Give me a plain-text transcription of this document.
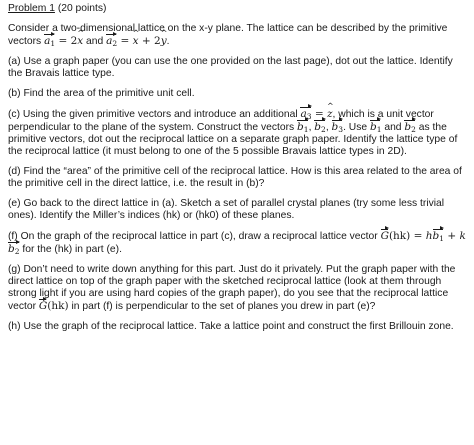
Problem 1 (20 points)
Consider a two-dimensional lattice on the x-y plane. The lattice can be described by the primitive vectors $a_1$ = 2^ x and $a_2$ = ^ x + 2^ y.
(a) Use a graph paper (you can use the one provided on the last page), dot out the lattice. Identify the Bravais lattice type.
(b) Find the area of the primitive unit cell.
(c) Using the given primitive vectors and introduce an additional $a_3$ = ^ z, which is a unit vector perpendicular to the plane of the system. Construct the vectors $b_1$, $b_2$, $b_3$. Use $b_1$ and $b_2$ as the primitive vectors, dot out the reciprocal lattice on a separate graph paper. Identify the lattice type of the reciprocal lattice (it must belong to one of the 5 possible Bravais lattice types in 2D).
(d) Find the “area” of the primitive cell of the reciprocal lattice. How is this area related to the area of the primitive cell in the direct lattice, i.e. the result in (b)?
(e) Go back to the direct lattice in (a). Sketch a set of parallel crystal planes (try some less trivial ones). Identify the Miller’s indices (hk) or (hk0) of these planes.
(f) On the graph of the reciprocal lattice in part (c), draw a reciprocal lattice vector $G(hk) = hb_1 + kb_2$ for the (hk) in part (e).
(g) Don’t need to write down anything for this part. Just do it privately. Put the graph paper with the direct lattice on top of the graph paper with the sketched reciprocal lattice (look at them through strong light if you are using hard copies of the graph paper), do you see that the reciprocal lattice vector G(hk) in part (f) is perpendicular to the set of planes you drew in part (e)?
(h) Use the graph of the reciprocal lattice. Take a lattice point and construct the first Brillouin zone.
